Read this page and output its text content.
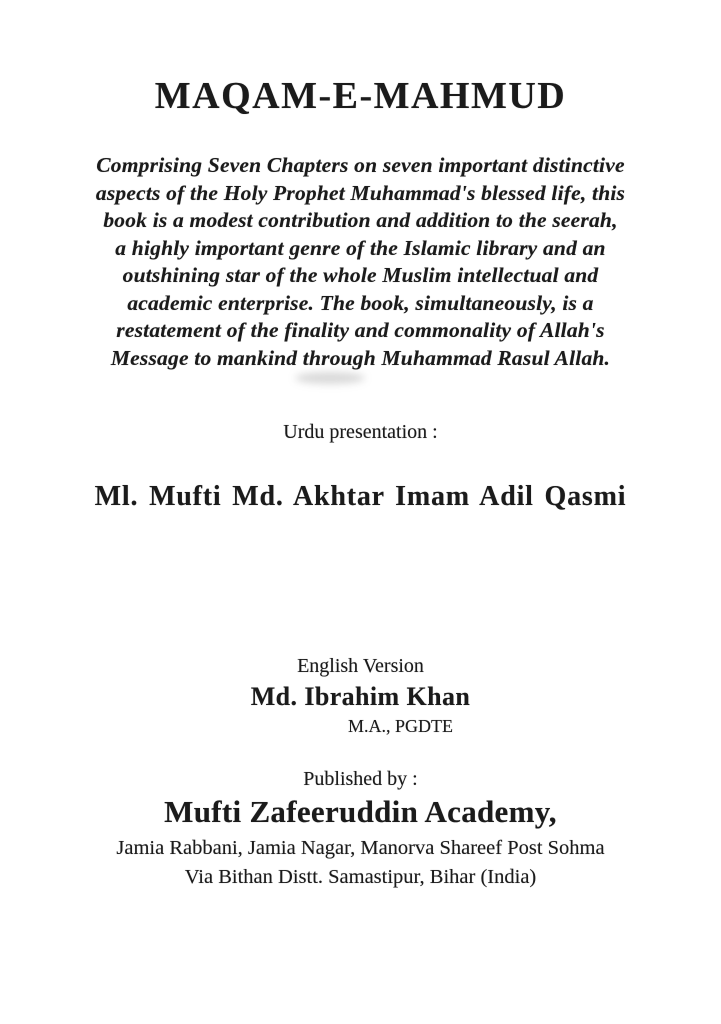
MAQAM-E-MAHMUD
Comprising Seven Chapters on seven important distinctive
aspects of the Holy Prophet Muhammad's blessed life, this
book is a modest contribution and addition to the seerah,
a highly important genre of the Islamic library and an
outshining star of the whole Muslim intellectual and
academic enterprise. The book, simultaneously, is a
restatement of the finality and commonality of Allah's
Message to mankind through Muhammad Rasul Allah.
Urdu presentation :
Ml. Mufti Md. Akhtar Imam Adil Qasmi
English Version
Md. Ibrahim Khan
M.A., PGDTE
Published by :
Mufti Zafeeruddin Academy,
Jamia Rabbani, Jamia Nagar, Manorva Shareef Post Sohma
Via Bithan Distt. Samastipur, Bihar (India)
